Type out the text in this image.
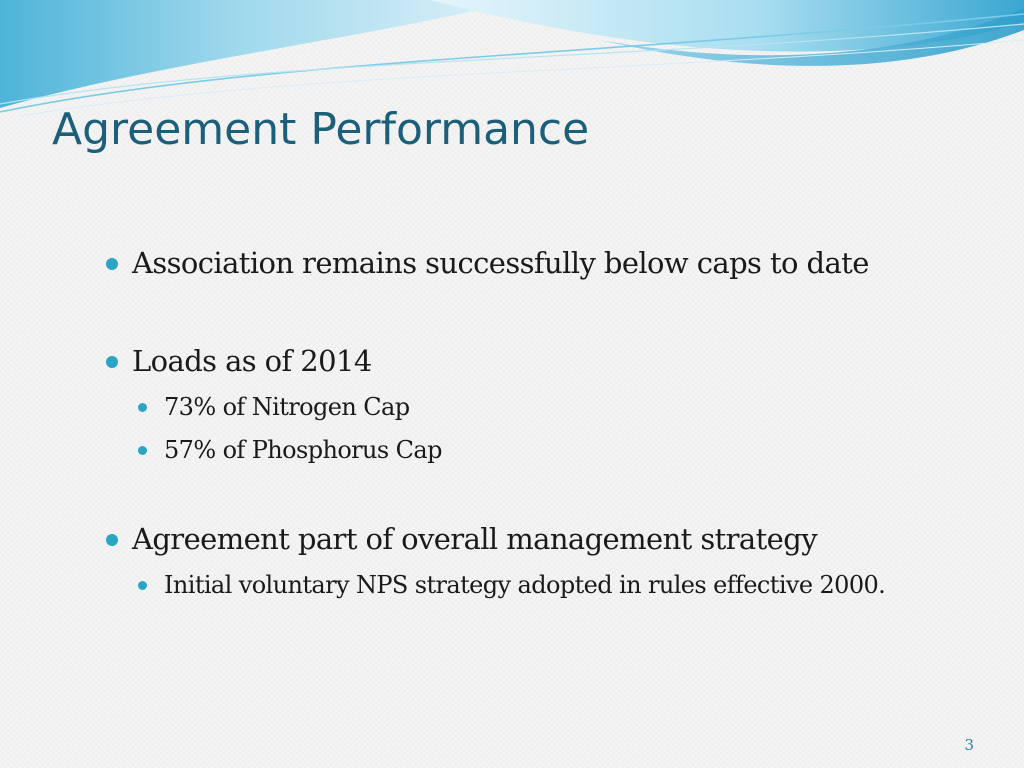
Agreement Performance
Association remains successfully below caps to date
Loads as of 2014
73% of Nitrogen Cap
57% of Phosphorus Cap
Agreement part of overall management strategy
Initial voluntary NPS strategy adopted in rules effective 2000.
3
